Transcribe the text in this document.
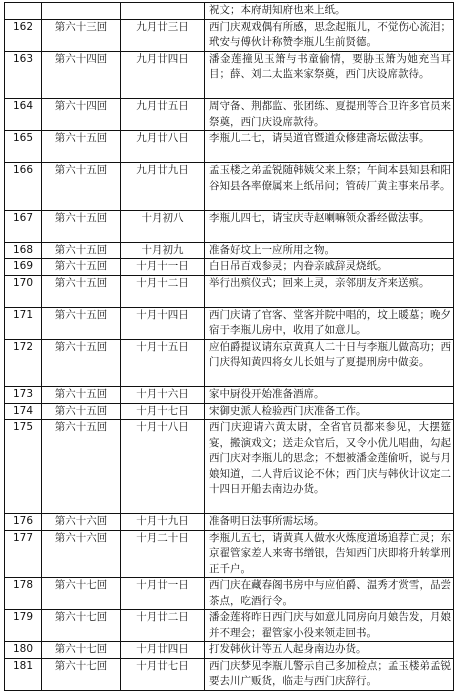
			祝文；本府胡知府也来上纸。
162	第六十三回	九月廿三日	西门庆观戏偶有所感，思念起瓶儿，不觉伤心流泪；玳安与傅伙计称赞李瓶儿生前贤德。
163	第六十四回	九月廿四日	潘金莲撞见玉箫与书童偷情，要胁玉箫为她充当耳目；薛、刘二太监来家祭奠，西门庆设席款待。
164	第六十四回	九月廿五日	周守备、荆都监、张团练、夏提刑等合卫许多官员来祭奠，西门庆设席款待。
165	第六十五回	九月廿八日	李瓶儿二七，请吴道官暨道众修建斋坛做法事。
166	第六十五回	九月廿九日	孟玉楼之弟孟锐随韩姨父来上祭；午间本县知县和阳谷知县各率僚属来上纸吊问；管砖厂黄主事来吊孝。
167	第六十五回	十月初八	李瓶儿四七，请宝庆寺赵喇嘛领众番经做法事。
168	第六十五回	十月初九	准备好坟上一应所用之物。
169	第六十五回	十月十一日	白日吊百戏参灵；内眷亲戚辞灵烧纸。
170	第六十五回	十月十二日	举行出殡仪式；回来上灵，亲邻朋友齐来送殡。
171	第六十五回	十月十四日	西门庆请了官客、堂客并院中唱的，坟上暖墓；晚夕宿于李瓶儿房中，收用了如意儿。
172	第六十五回	十月十五日	应伯爵提议请东京黄真人二十日与李瓶儿做高功；西门庆得知黄四将女儿长姐与了夏提刑房中做妾。
173	第六十五回	十月十六日	家中厨役开始准备酒席。
174	第六十五回	十月十七日	宋御史派人检验西门庆准备工作。
175	第六十五回	十月十八日	西门庆迎请六黄太尉，全省官员都来参见，大摆筵宴，搬演戏文；送走众官后，又令小优儿唱曲，勾起西门庆对李瓶儿的思念；不想被潘金莲偷听，说与月娘知道，二人背后议论不休；西门庆与韩伙计议定二十四日开船去南边办货。
176	第六十六回	十月十九日	准备明日法事所需坛场。
177	第六十六回	十月二十日	李瓶儿五七，请黄真人做水火炼度道场追荐亡灵；东京翟管家差人来寄书缯银，告知西门庆即将升转掌刑正千户。
178	第六十七回	十月廿一日	西门庆在藏春阁书房中与应伯爵、温秀才赏雪，品尝茶点，吃酒行令。
179	第六十七回	十月廿二日	潘金莲将昨日西门庆与如意儿同房向月娘告发，月娘并不理会；翟管家小役来领走回书。
180	第六十七回	十月廿四日	打发韩伙计等五人起身南边办货。
181	第六十七回	十月廿七日	西门庆梦见李瓶儿警示自己多加检点；孟玉楼弟孟锐要去川广贩货，临走与西门庆辞行。
